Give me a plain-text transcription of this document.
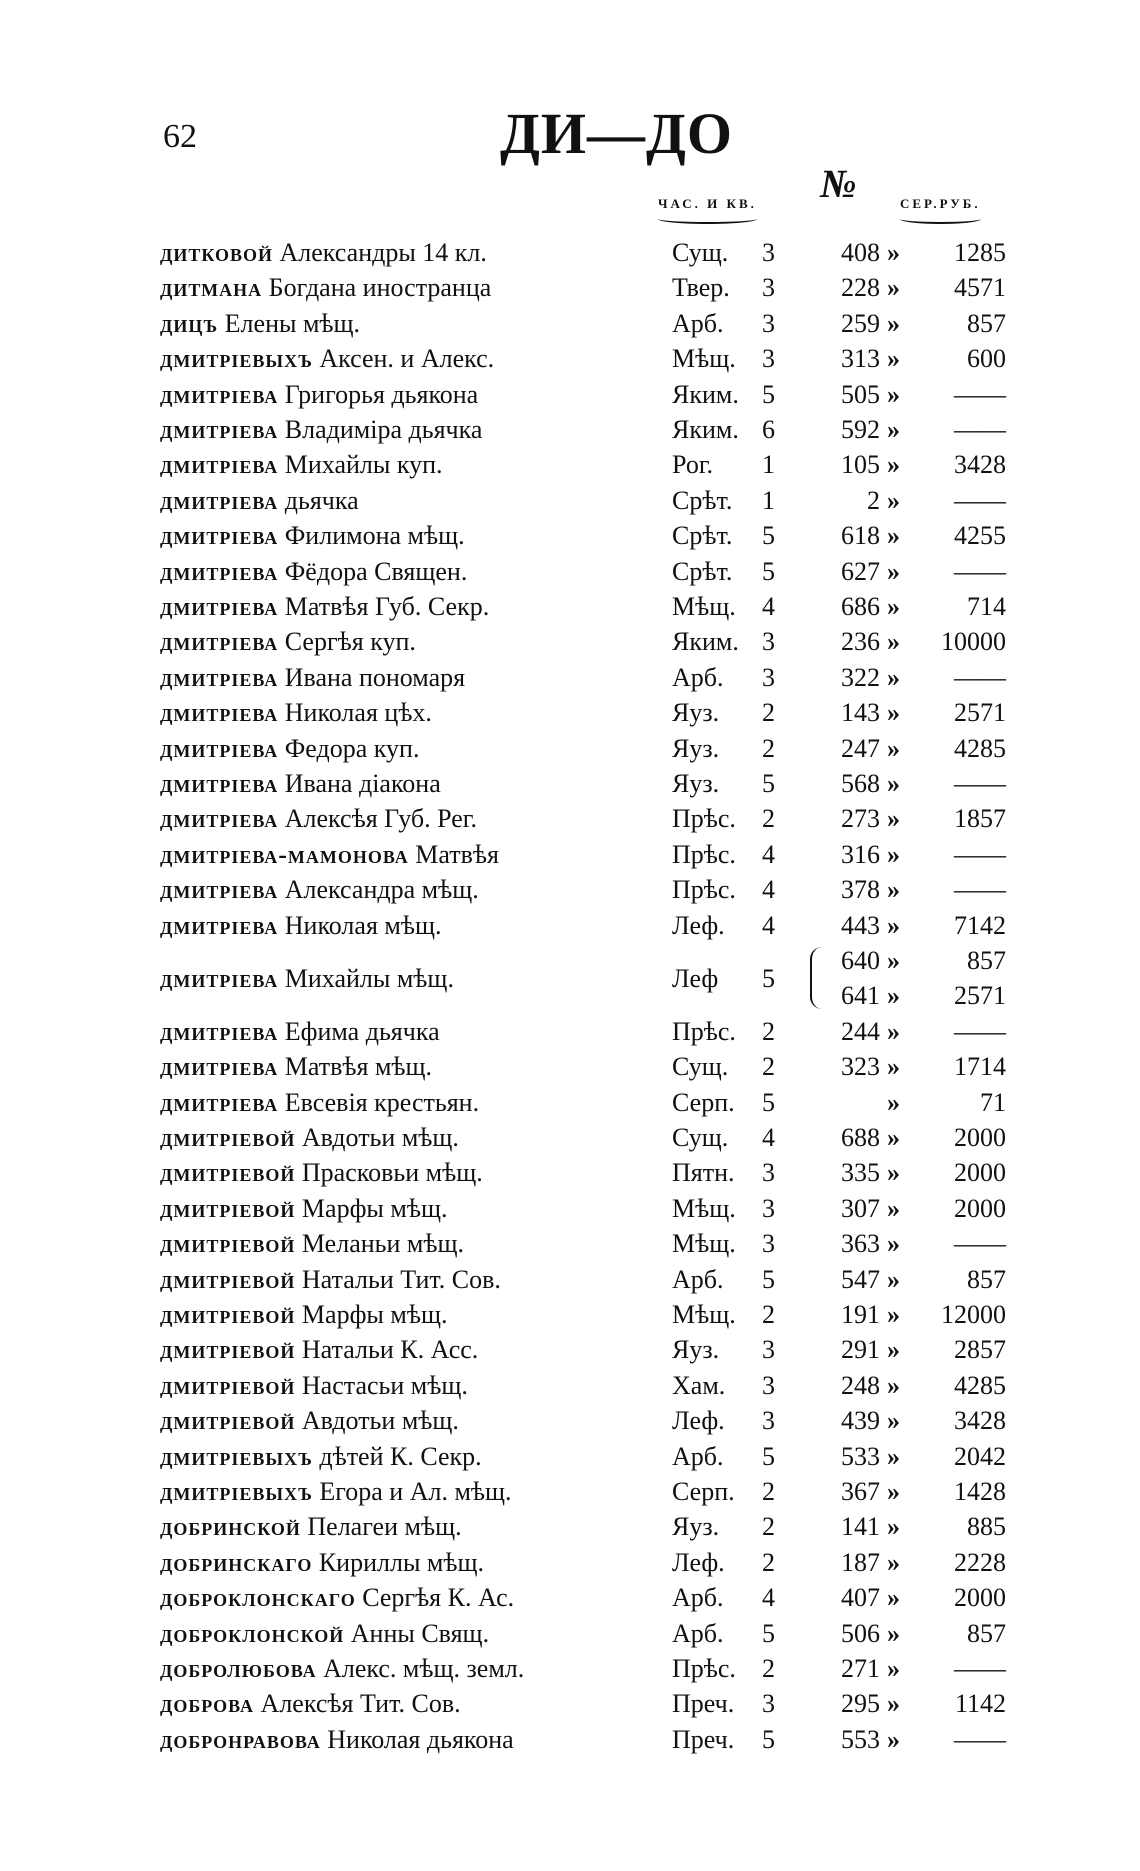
62	ДИ—ДО
ЧАС. И КВ. №	СЕР.РУБ.
дитковой Александры 14 кл.	Сущ. 3	408 »	1285
дитмана Богдана иностранца	Твер. 3	228 »	4571
дицъ Елены мѣщ.	Арб. 3	259 »	857
дмитрiевыхъ Аксен. и Алекс.	Мѣщ. 3	313 »	600
дмитрiева Григорья дьякона	Яким. 5	505 »	——
дмитрiева Владимiра дьячка	Яким. 6	592 »	——
дмитрiева Михайлы куп.	Рог. 1	105 »	3428
дмитрiева дьячка	Срѣт. 1	2 »	——
дмитрiева Филимона мѣщ.	Срѣт. 5	618 »	4255
дмитрiева Фёдора Священ.	Срѣт. 5	627 »	——
дмитрiева Матвѣя Губ. Секр.	Мѣщ. 4	686 »	714
дмитрiева Сергѣя куп.	Яким. 3	236 »	10000
дмитрiева Ивана пономаря	Арб. 3	322 »	——
дмитрiева Николая цѣх.	Яуз. 2	143 »	2571
дмитрiева Федора куп.	Яуз. 2	247 »	4285
дмитрiева Ивана дiакона	Яуз. 5	568 »	——
дмитрiева Алексѣя Губ. Рег.	Прѣс. 2	273 »	1857
дмитрiева-мамонова Матвѣя	Прѣс. 4	316 »	——
дмитрiева Александра мѣщ.	Прѣс. 4	378 »	——
дмитрiева Николая мѣщ.	Леф. 4	443 »	7142
дмитрiева Михайлы мѣщ.	Леф 5
640 »	857
641 »	2571
дмитрiева Ефима дьячка	Прѣс. 2	244 »	——
дмитрiева Матвѣя мѣщ.	Сущ. 2	323 »	1714
дмитрiева Евсевiя крестьян.	Серп. 5	»	71
дмитрiевой Авдотьи мѣщ.	Сущ. 4	688 »	2000
дмитрiевой Прасковьи мѣщ.	Пятн. 3	335 »	2000
дмитрiевой Марфы мѣщ.	Мѣщ. 3	307 »	2000
дмитрiевой Меланьи мѣщ.	Мѣщ. 3	363 »	——
дмитрiевой Натальи Тит. Сов.	Арб. 5	547 »	857
дмитрiевой Марфы мѣщ.	Мѣщ. 2	191 »	12000
дмитрiевой Натальи К. Асс.	Яуз. 3	291 »	2857
дмитрiевой Настасьи мѣщ.	Хам. 3	248 »	4285
дмитрiевой Авдотьи мѣщ.	Леф. 3	439 »	3428
дмитрiевыхъ дѣтей К. Секр.	Арб. 5	533 »	2042
дмитрiевыхъ Егора и Ал. мѣщ.	Серп. 2	367 »	1428
добринской Пелагеи мѣщ.	Яуз. 2	141 »	885
добринскаго Кириллы мѣщ.	Леф. 2	187 »	2228
доброклонскаго Сергѣя К. Ас.	Арб. 4	407 »	2000
доброклонской Анны Свящ.	Арб. 5	506 »	857
добролюбова Алекс. мѣщ. земл.	Прѣс. 2	271 »	——
доброва Алексѣя Тит. Сов.	Преч. 3	295 »	1142
добронравова Николая дьякона	Преч. 5	553 »	——
